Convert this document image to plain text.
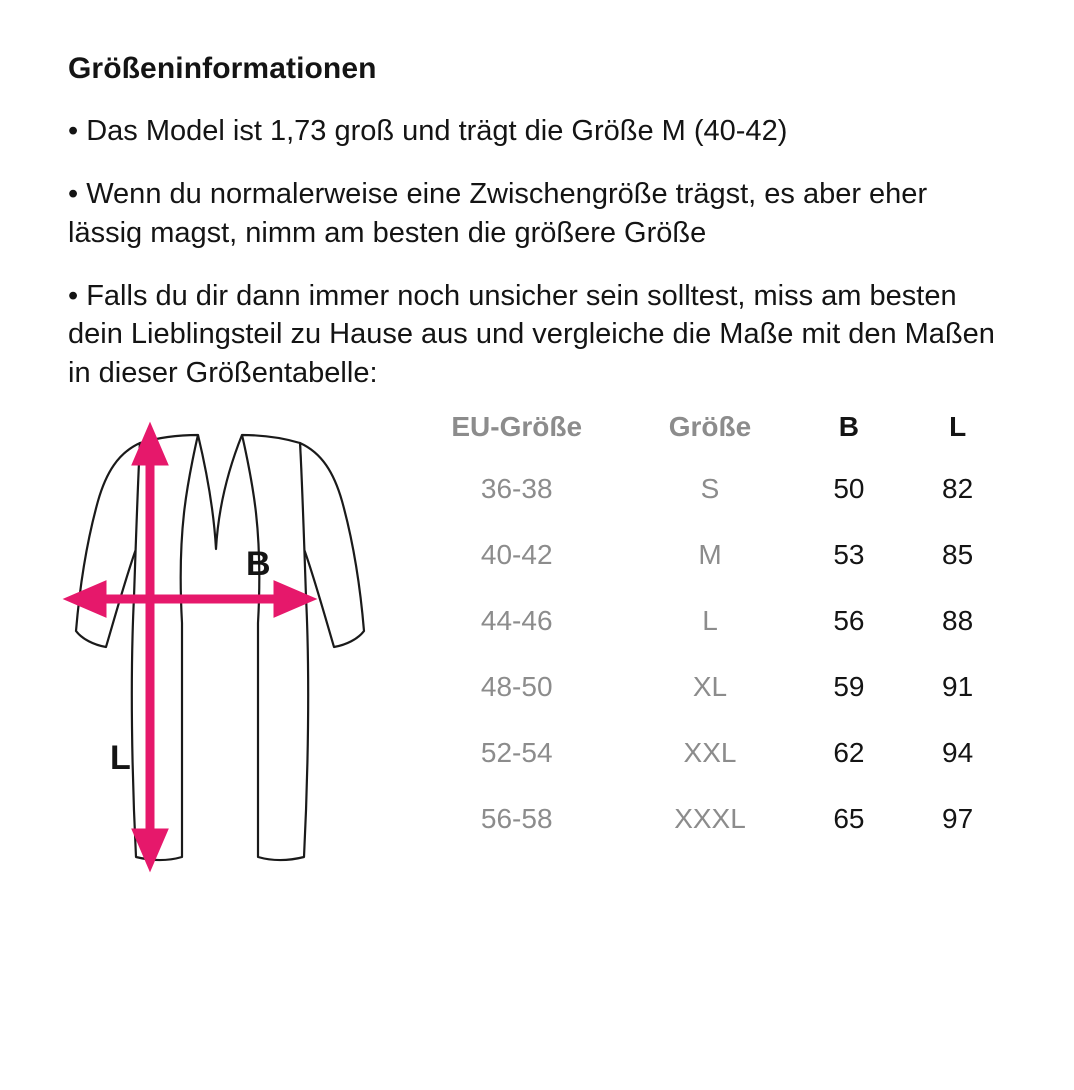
Größeninformationen

• Das Model ist 1,73 groß und trägt die Größe M (40-42)

• Wenn du normalerweise eine Zwischengröße trägst, es aber eher lässig magst, nimm am besten die größere Größe

• Falls du dir dann immer noch unsicher sein solltest, miss am besten dein Lieblingsteil zu Hause aus und vergleiche die Maße mit den Maßen in dieser Größentabelle:

B
L
EU-Größe	Größe	B	L
36-38	S	50	82
40-42	M	53	85
44-46	L	56	88
48-50	XL	59	91
52-54	XXL	62	94
56-58	XXXL	65	97
